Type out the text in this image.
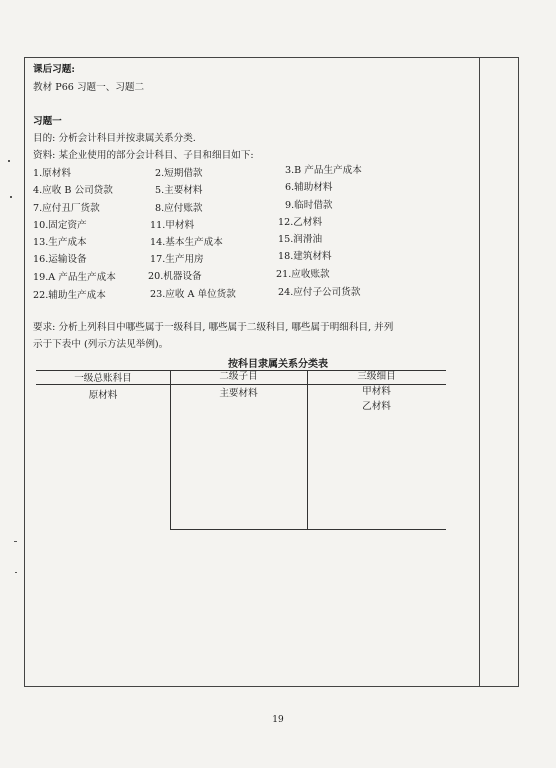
课后习题:
教材 P66 习题一、习题二
习题一
目的: 分析会计科目并按隶属关系分类.
资料: 某企业使用的部分会计科目、子目和细目如下:
1.原材料	2.短期借款	3.B 产品生产成本
4.应收 B 公司贷款	5.主要材料	6.辅助材料
7.应付丑厂货款	8.应付账款	9.临时借款
10.固定资产	11.甲材料	12.乙材料
13.生产成本	14.基本生产成本	15.润滑油
16.运输设备	17.生产用房	18.建筑材料
19.A 产品生产成本	20.机器设备	21.应收账款
22.辅助生产成本	23.应收 A 单位货款	24.应付子公司货款
要求: 分析上列科目中哪些属于一级科目, 哪些属于二级科目, 哪些属于明细科目, 并列
示于下表中 (列示方法见举例)。
按科目隶属关系分类表
一级总账科目	二级子目	三级细目
原材料	主要材料	甲材料
乙材料
19
